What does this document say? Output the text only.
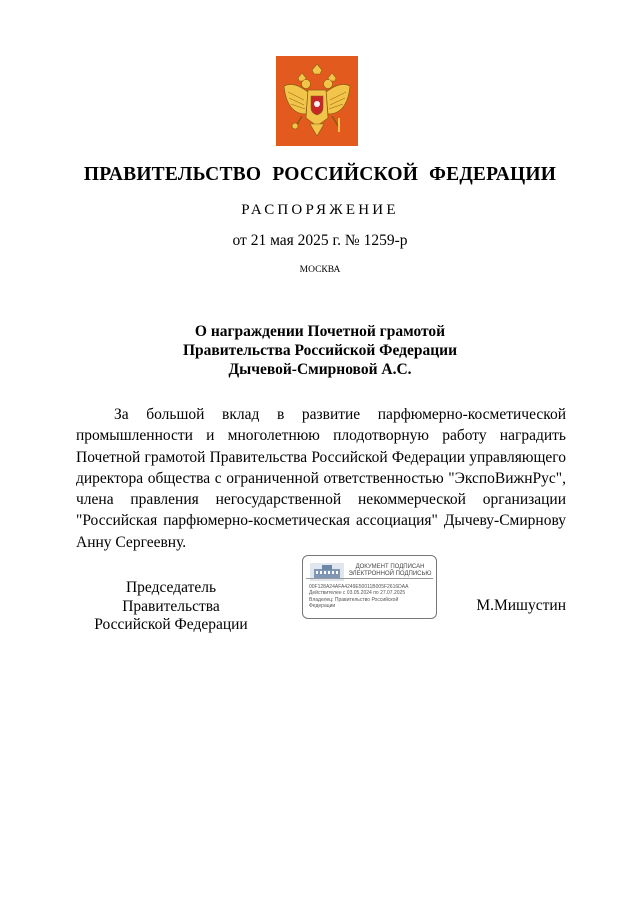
ПРАВИТЕЛЬСТВО РОССИЙСКОЙ ФЕДЕРАЦИИ
РАСПОРЯЖЕНИЕ
от 21 мая 2025 г. № 1259-р
МОСКВА
О награждении Почетной грамотой
Правительства Российской Федерации
Дычевой-Смирновой А.С.
За большой вклад в развитие парфюмерно-косметической
промышленности и многолетнюю плодотворную работу наградить
Почетной грамотой Правительства Российской Федерации управляющего
директора общества с ограниченной ответственностью "ЭкспоВижнРус",
члена правления негосударственной некоммерческой организации
"Российская парфюмерно-косметическая ассоциация" Дычеву-Смирнову
Анну Сергеевну.
Председатель Правительства
Российской Федерации
ДОКУМЕНТ ПОДПИСАН
ЭЛЕКТРОННОЙ ПОДПИСЬЮ
00F128A24AFA4249E50011B005F2616DAA
Действителен с 03.05.2024 по 27.07.2025
Владелец: Правительство Российской
Федерации	М.Мишустин
